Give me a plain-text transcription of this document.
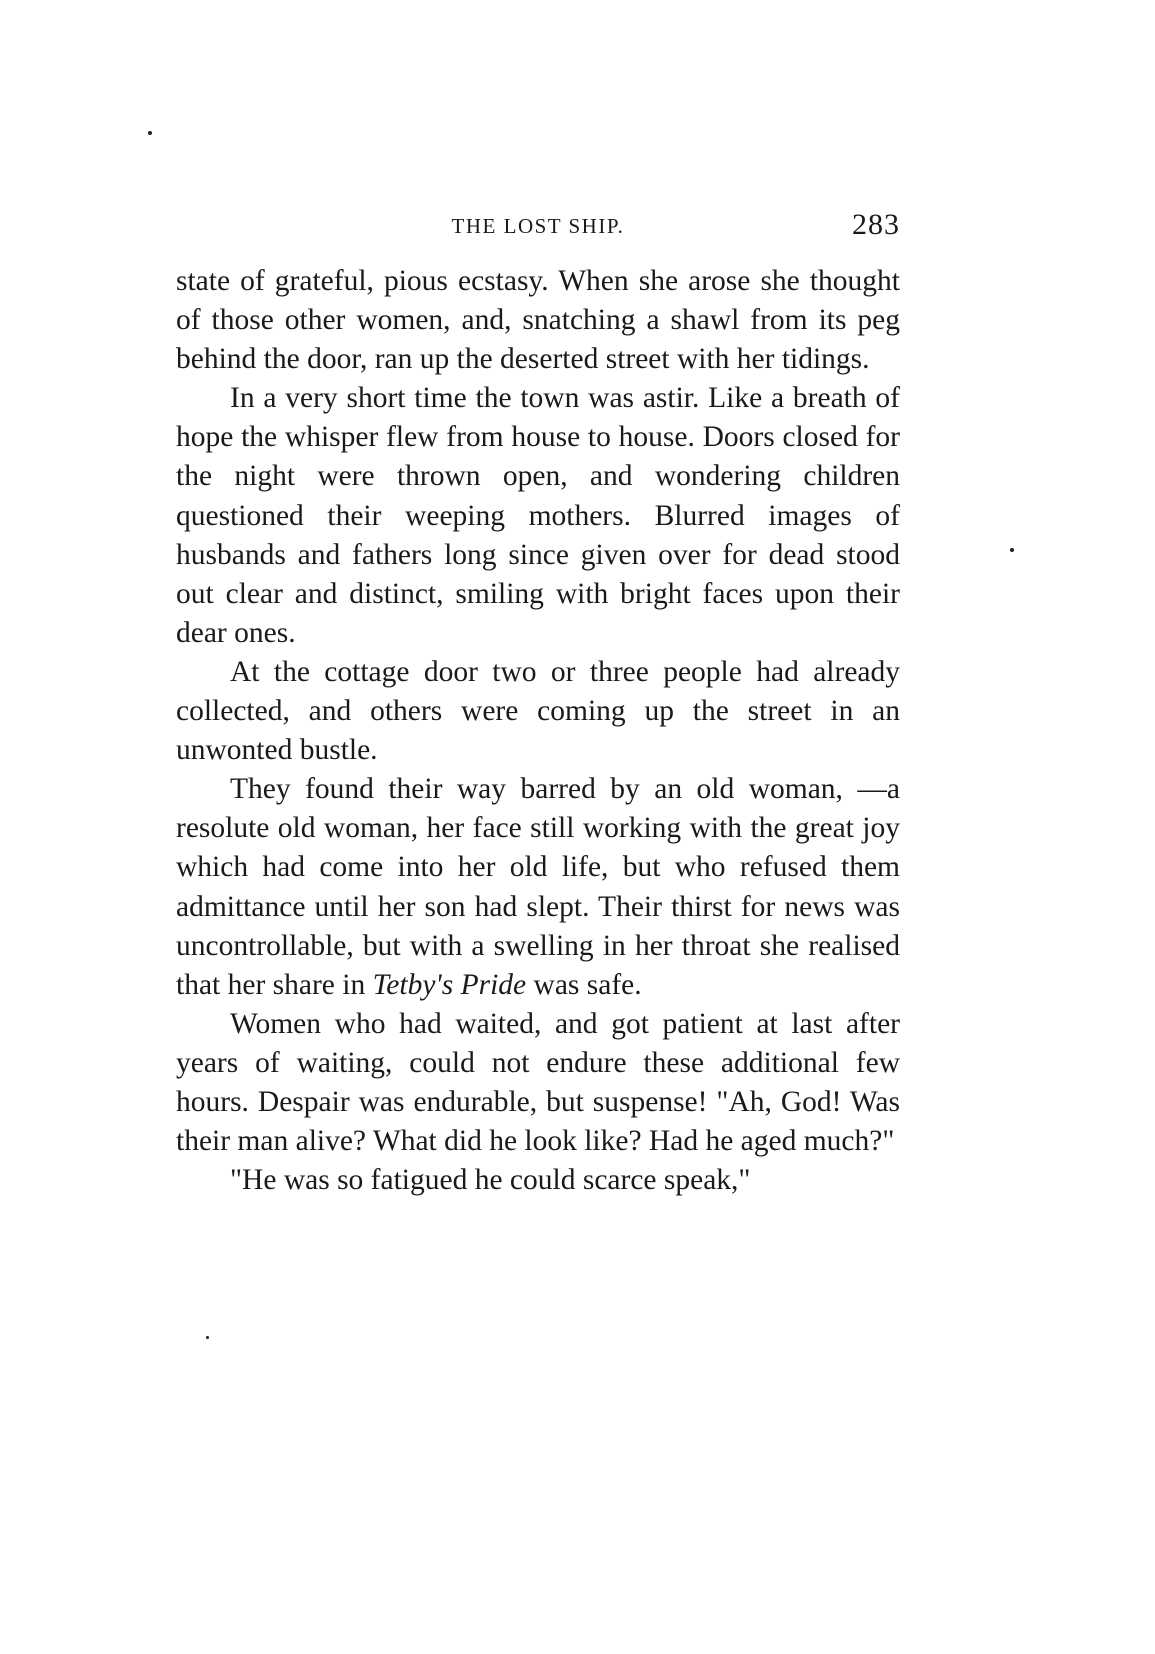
THE LOST SHIP.	283

state of grateful, pious ecstasy. When she arose she thought of those other women, and, snatching a shawl from its peg behind the door, ran up the deserted street with her tidings.

In a very short time the town was astir. Like a breath of hope the whisper flew from house to house. Doors closed for the night were thrown open, and wondering children questioned their weeping mothers. Blurred images of husbands and fathers long since given over for dead stood out clear and distinct, smiling with bright faces upon their dear ones.

At the cottage door two or three people had already collected, and others were coming up the street in an unwonted bustle.

They found their way barred by an old woman, —a resolute old woman, her face still working with the great joy which had come into her old life, but who refused them admittance until her son had slept. Their thirst for news was uncontrollable, but with a swelling in her throat she realised that her share in Tetby's Pride was safe.

Women who had waited, and got patient at last after years of waiting, could not endure these additional few hours. Despair was endurable, but suspense! "Ah, God! Was their man alive? What did he look like? Had he aged much?"

"He was so fatigued he could scarce speak,"
